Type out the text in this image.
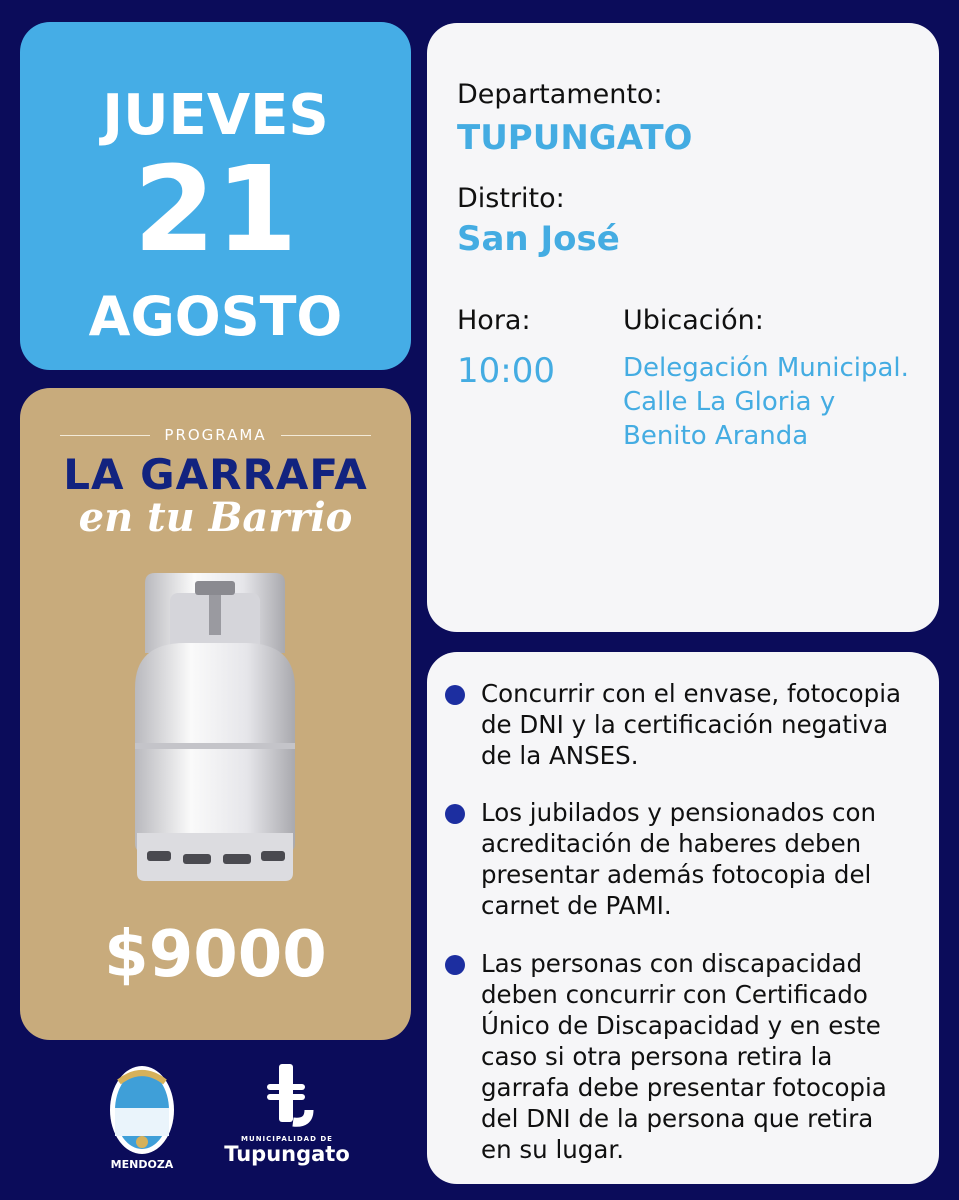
JUEVES
21
AGOSTO
Departamento:
TUPUNGATO
Distrito:
San José
Hora:
10:00
Ubicación:
Delegación Municipal.
Calle La Gloria y
Benito Aranda
PROGRAMA
LA GARRAFA
en tu Barrio
$9000
Concurrir con el envase, fotocopia
de DNI y la certificación negativa
de la ANSES.
Los jubilados y pensionados con
acreditación de haberes deben
presentar además fotocopia del
carnet de PAMI.
Las personas con discapacidad
deben concurrir con Certificado
Único de Discapacidad y en este
caso si otra persona retira la
garrafa debe presentar fotocopia
del DNI de la persona que retira
en su lugar.
MENDOZA
MUNICIPALIDAD DE
Tupungato
